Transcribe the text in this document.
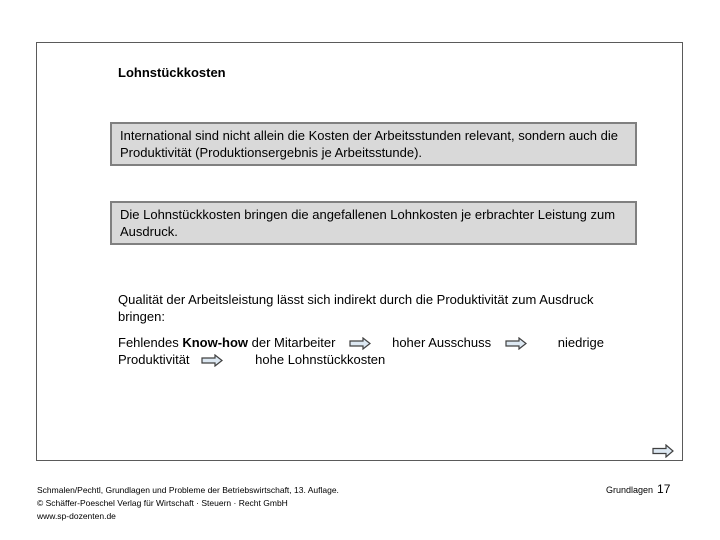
Lohnstückkosten
International sind nicht allein die Kosten der Arbeitsstunden relevant, sondern auch die Produktivität (Produktionsergebnis je Arbeitsstunde).
Die Lohnstückkosten bringen die angefallenen Lohnkosten je erbrachter Leistung zum Ausdruck.
Qualität der Arbeitsleistung lässt sich indirekt durch die Produktivität zum Ausdruck bringen:
Fehlendes Know-how der Mitarbeiter	hoher Ausschuss	niedrige
Produktivität	hohe Lohnstückkosten
Schmalen/Pechtl, Grundlagen und Probleme der Betriebswirtschaft, 13. Auflage.
© Schäffer-Poeschel Verlag für Wirtschaft · Steuern · Recht GmbH
www.sp-dozenten.de
Grundlagen 17
